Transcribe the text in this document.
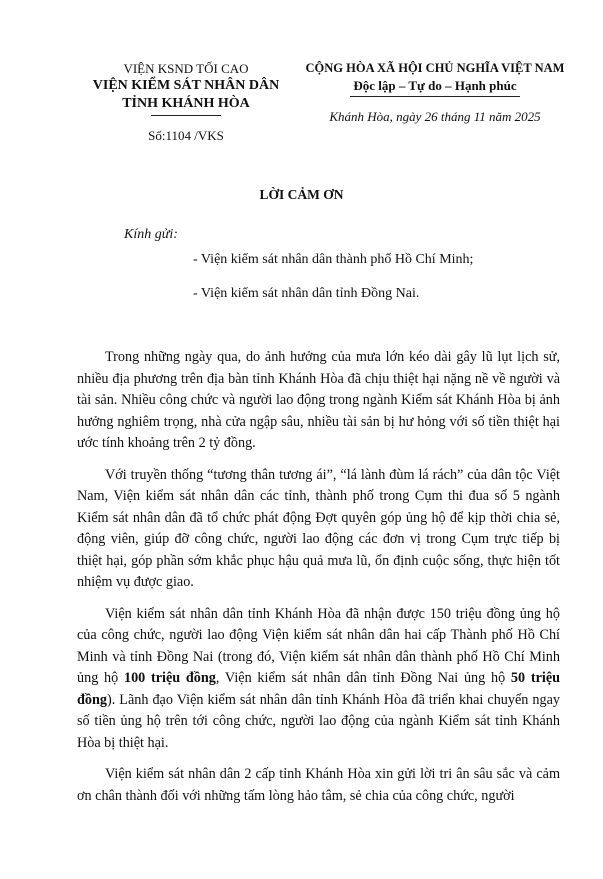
VIỆN KSND TỐI CAO
VIỆN KIỂM SÁT NHÂN DÂN
TỈNH KHÁNH HÒA
Số:1104 /VKS
CỘNG HÒA XÃ HỘI CHỦ NGHĨA VIỆT NAM
Độc lập – Tự do – Hạnh phúc
Khánh Hòa, ngày 26 tháng 11 năm 2025
LỜI CẢM ƠN
Kính gửi:
- Viện kiểm sát nhân dân thành phố Hồ Chí Minh;
- Viện kiểm sát nhân dân tỉnh Đồng Nai.

Trong những ngày qua, do ảnh hưởng của mưa lớn kéo dài gây lũ lụt lịch sử, nhiều địa phương trên địa bàn tỉnh Khánh Hòa đã chịu thiệt hại nặng nề về người và tài sản. Nhiều công chức và người lao động trong ngành Kiểm sát Khánh Hòa bị ảnh hưởng nghiêm trọng, nhà cửa ngập sâu, nhiều tài sản bị hư hỏng với số tiền thiệt hại ước tính khoảng trên 2 tỷ đồng.

Với truyền thống “tương thân tương ái”, “lá lành đùm lá rách” của dân tộc Việt Nam, Viện kiểm sát nhân dân các tỉnh, thành phố trong Cụm thi đua số 5 ngành Kiểm sát nhân dân đã tổ chức phát động Đợt quyên góp ủng hộ để kịp thời chia sẻ, động viên, giúp đỡ công chức, người lao động các đơn vị trong Cụm trực tiếp bị thiệt hại, góp phần sớm khắc phục hậu quả mưa lũ, ổn định cuộc sống, thực hiện tốt nhiệm vụ được giao.

Viện kiểm sát nhân dân tỉnh Khánh Hòa đã nhận được 150 triệu đồng ủng hộ của công chức, người lao động Viện kiểm sát nhân dân hai cấp Thành phố Hồ Chí Minh và tỉnh Đồng Nai (trong đó, Viện kiểm sát nhân dân thành phố Hồ Chí Minh ủng hộ 100 triệu đồng, Viện kiểm sát nhân dân tỉnh Đồng Nai ủng hộ 50 triệu đồng). Lãnh đạo Viện kiểm sát nhân dân tỉnh Khánh Hòa đã triển khai chuyển ngay số tiền ủng hộ trên tới công chức, người lao động của ngành Kiểm sát tỉnh Khánh Hòa bị thiệt hại.

Viện kiểm sát nhân dân 2 cấp tỉnh Khánh Hòa xin gửi lời tri ân sâu sắc và cảm ơn chân thành đối với những tấm lòng hảo tâm, sẻ chia của công chức, người
